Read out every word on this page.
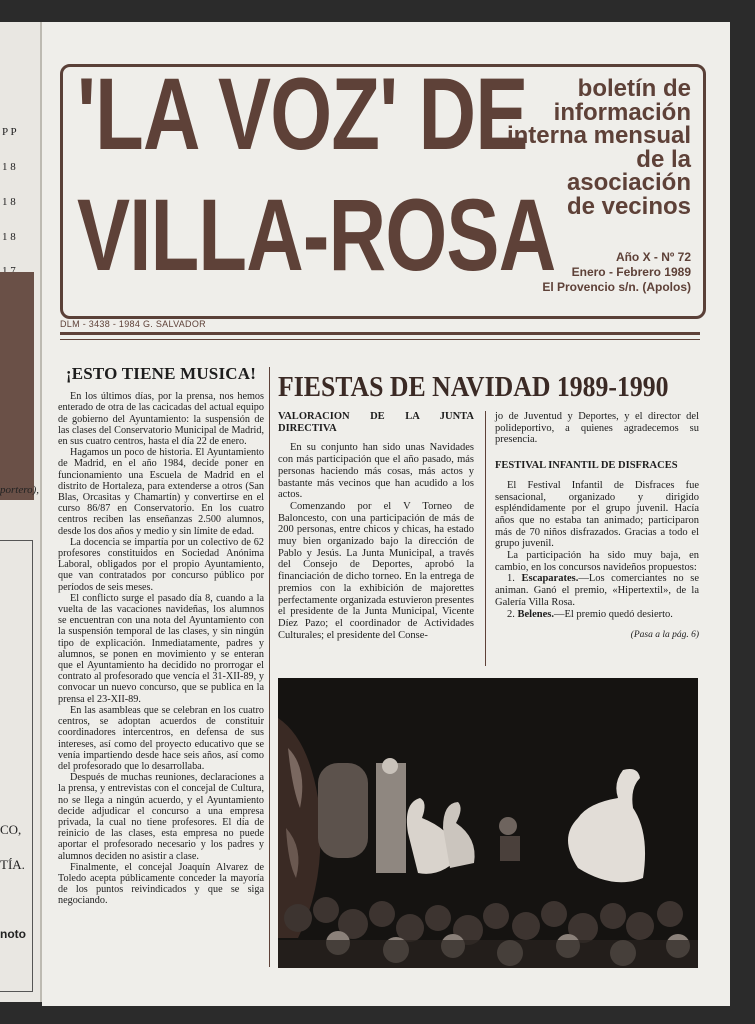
P P

1 8

1 8

1 8

portero),
CO,
TÍA.
noto
'LA VOZ' DE
VILLA-ROSA
boletín de
información
interna mensual
de la
asociación
de vecinos
Año X - Nº 72
Enero - Febrero 1989
El Provencio s/n. (Apolos)
DLM - 3438 - 1984 G. SALVADOR
¡ESTO TIENE MUSICA!

En los últimos días, por la prensa, nos hemos enterado de otra de las cacicadas del actual equipo de gobierno del Ayuntamiento: la suspensión de las clases del Conservatorio Municipal de Madrid, en sus cuatro centros, hasta el día 22 de enero.

Hagamos un poco de historia. El Ayuntamiento de Madrid, en el año 1984, decide poner en funcionamiento una Escuela de Madrid en el distrito de Hortaleza, para extenderse a otros (San Blas, Orcasitas y Chamartín) y convertirse en el curso 86/87 en Conservatorio. En los cuatro centros reciben las enseñanzas 2.500 alumnos, desde los dos años y medio y sin límite de edad.

La docencia se impartía por un colectivo de 62 profesores constituidos en Sociedad Anónima Laboral, obligados por el propio Ayuntamiento, que van contratados por concurso público por períodos de seis meses.

El conflicto surge el pasado día 8, cuando a la vuelta de las vacaciones navideñas, los alumnos se encuentran con una nota del Ayuntamiento con la suspensión temporal de las clases, y sin ningún tipo de explicación. Inmediatamente, padres y alumnos, se ponen en movimiento y se enteran que el Ayuntamiento ha decidido no prorrogar el contrato al profesorado que vencía el 31-XII-89, y convocar un nuevo concurso, que se publica en la prensa el 23-XII-89.

En las asambleas que se celebran en los cuatro centros, se adoptan acuerdos de constituir coordinadores intercentros, en defensa de sus intereses, así como del proyecto educativo que se venía impartiendo desde hace seis años, así como del profesorado que lo desarrollaba.

Después de muchas reuniones, declaraciones a la prensa, y entrevistas con el concejal de Cultura, no se llega a ningún acuerdo, y el Ayuntamiento decide adjudicar el concurso a una empresa privada, la cual no tiene profesores. El día de reinicio de las clases, esta empresa no puede aportar el profesorado necesario y los padres y alumnos deciden no asistir a clase.

Finalmente, el concejal Joaquín Alvarez de Toledo acepta públicamente conceder la mayoría de los puntos reivindicados y que se siga negociando.

FIESTAS DE NAVIDAD 1989-1990
VALORACION DE LA JUNTA DIRECTIVA

En su conjunto han sido unas Navidades con más participación que el año pasado, más personas haciendo más cosas, más actos y bastante más vecinos que han acudido a los actos.

Comenzando por el V Torneo de Baloncesto, con una participación de más de 200 personas, entre chicos y chicas, ha estado muy bien organizado bajo la dirección de Pablo y Jesús. La Junta Municipal, a través del Consejo de Deportes, aprobó la financiación de dicho torneo. En la entrega de premios con la exhibición de majorettes perfectamente organizada estuvieron presentes el presidente de la Junta Municipal, Vicente Díez Pazo; el coordinador de Actividades Culturales; el presidente del Conse-

jo de Juventud y Deportes, y el director del polideportivo, a quienes agradecemos su presencia.

FESTIVAL INFANTIL DE DISFRACES

El Festival Infantil de Disfraces fue sensacional, organizado y dirigido espléndidamente por el grupo juvenil. Hacía años que no estaba tan animado; participaron más de 70 niños disfrazados. Gracias a todo el grupo juvenil.

La participación ha sido muy baja, en cambio, en los concursos navideños propuestos:

1. Escaparates.—Los comerciantes no se animan. Ganó el premio, «Hipertextil», de la Galería Villa Rosa.

2. Belenes.—El premio quedó desierto.

(Pasa a la pág. 6)
